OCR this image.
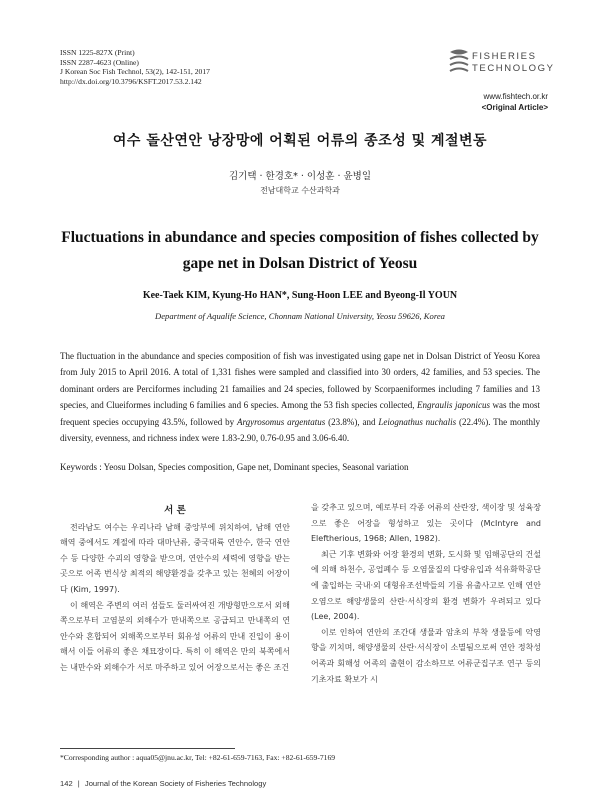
ISSN 1225-827X (Print)
ISSN 2287-4623 (Online)
J Korean Soc Fish Technol, 53(2), 142-151, 2017
http://dx.doi.org/10.3796/KSFT.2017.53.2.142
FISHERIES
TECHNOLOGY
www.fishtech.or.kr
<Original Article>
여수 돌산연안 낭장망에 어획된 어류의 종조성 및 계절변동
김기택 · 한경호* · 이성훈 · 윤병일
전남대학교 수산과학과
Fluctuations in abundance and species composition of fishes collected by gape net in Dolsan District of Yeosu
Kee-Taek KIM, Kyung-Ho HAN*, Sung-Hoon LEE and Byeong-Il YOUN
Department of Aqualife Science, Chonnam National University, Yeosu 59626, Korea
The fluctuation in the abundance and species composition of fish was investigated using gape net in Dolsan District of Yeosu Korea from July 2015 to April 2016. A total of 1,331 fishes were sampled and classified into 30 orders, 42 families, and 53 species. The dominant orders are Perciformes including 21 famailies and 24 species, followed by Scorpaeniformes including 7 families and 13 species, and Clueiformes including 6 families and 6 species. Among the 53 fish species collected, Engraulis japonicus was the most frequent species occupying 43.5%, followed by Argyrosomus argentatus (23.8%), and Leiognathus nuchalis (22.4%). The monthly diversity, evenness, and richness index were 1.83-2.90, 0.76-0.95 and 3.06-6.40.
Keywords : Yeosu Dolsan, Species composition, Gape net, Dominant species, Seasonal variation

서 론

전라남도 여수는 우리나라 남해 중앙부에 위치하여, 남해 연안 해역 중에서도 계절에 따라 대마난류, 중국대륙 연안수, 한국 연안수 등 다양한 수괴의 영향을 받으며, 연안수의 세력에 영향을 받는 곳으로 어족 번식상 최적의 해양환경을 갖추고 있는 천혜의 어장이다 (Kim, 1997).

이 해역은 주변의 여러 섬들도 둘러싸여진 개방형만으로서 외해쪽으로부터 고염분의 외해수가 만내쪽으로 공급되고 만내쪽의 연안수와 혼합되어 외해쪽으로부터 회유성 어류의 만내 진입이 용이해서 이들 어류의 좋은 채묘장이다. 특히 이 해역은 만의 북쪽에서는 내만수와 외해수가 서로 마주하고 있어 어장으로서는 좋은 조건

을 갖추고 있으며, 예로부터 각종 어류의 산란장, 색이장 및 성육장으로 좋은 어장을 형성하고 있는 곳이다 (McIntyre and Eleftherious, 1968; Allen, 1982).

최근 기후 변화와 어장 환경의 변화, 도시화 및 임해공단의 건설에 의해 하천수, 공업폐수 등 오염물질의 다량유입과 석유화학공단에 출입하는 국내·외 대형유조선박들의 기름 유출사고로 인해 연안오염으로 해양생물의 산란·서식장의 환경 변화가 우려되고 있다 (Lee, 2004).

이로 인하여 연안의 조간대 생물과 암초의 부착 생물등에 악영향을 끼치며, 해양생물의 산란·서식장이 소멸됨으로써 연안 정착성 어족과 회해성 어족의 출현이 감소하므로 어류군집구조 연구 등의 기초자료 확보가 시

*Corresponding author : aqua05@jnu.ac.kr, Tel: +82-61-659-7163, Fax: +82-61-659-7169
142 | Journal of the Korean Society of Fisheries Technology
